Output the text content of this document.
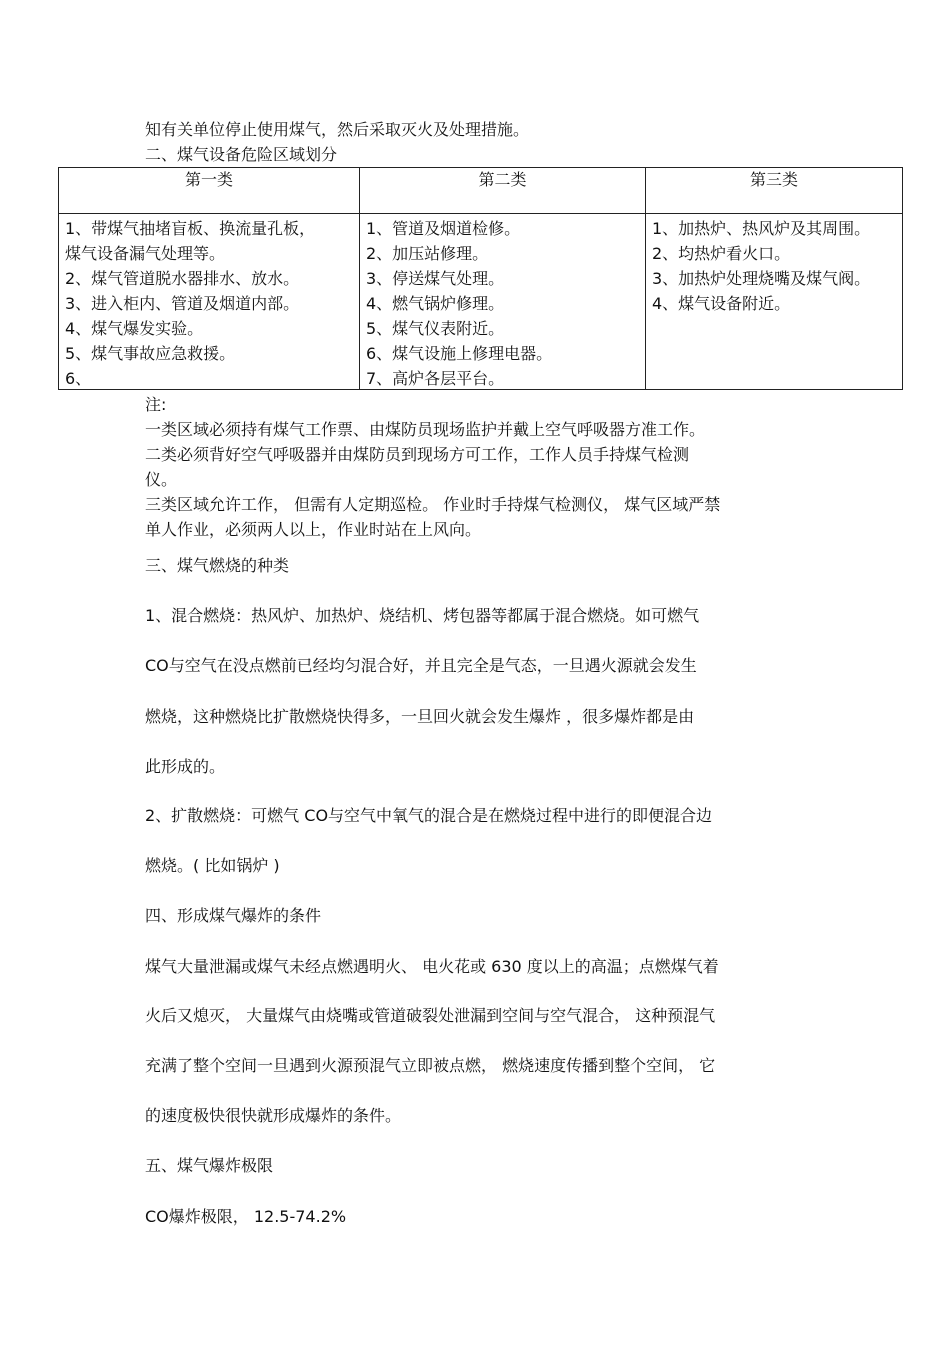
知有关单位停止使用煤气，然后采取灭火及处理措施。
二、煤气设备危险区域划分
第一类
1、带煤气抽堵盲板、换流量孔板，
煤气设备漏气处理等。
2、煤气管道脱水器排水、放水。
3、进入柜内、管道及烟道内部。
4、煤气爆发实验。
5、煤气事故应急救援。
6、
第二类
1、管道及烟道检修。
2、加压站修理。
3、停送煤气处理。
4、燃气锅炉修理。
5、煤气仪表附近。
6、煤气设施上修理电器。
7、高炉各层平台。
第三类
1、加热炉、热风炉及其周围。
2、均热炉看火口。
3、加热炉处理烧嘴及煤气阀。
4、煤气设备附近。
注:
一类区域必须持有煤气工作票、由煤防员现场监护并戴上空气呼吸器方准工作。
二类必须背好空气呼吸器并由煤防员到现场方可工作，工作人员手持煤气检测
仪。
三类区域允许工作， 但需有人定期巡检。 作业时手持煤气检测仪， 煤气区域严禁
单人作业，必须两人以上，作业时站在上风向。
三、煤气燃烧的种类
1、混合燃烧：热风炉、加热炉、烧结机、烤包器等都属于混合燃烧。如可燃气
CO与空气在没点燃前已经均匀混合好，并且完全是气态，一旦遇火源就会发生
燃烧，这种燃烧比扩散燃烧快得多，一旦回火就会发生爆炸 ，很多爆炸都是由
此形成的。
2、扩散燃烧：可燃气 CO与空气中氧气的混合是在燃烧过程中进行的即便混合边
燃烧。( 比如锅炉 )
四、形成煤气爆炸的条件
煤气大量泄漏或煤气未经点燃遇明火、 电火花或 630 度以上的高温；点燃煤气着
火后又熄灭， 大量煤气由烧嘴或管道破裂处泄漏到空间与空气混合， 这种预混气
充满了整个空间一旦遇到火源预混气立即被点燃， 燃烧速度传播到整个空间， 它
的速度极快很快就形成爆炸的条件。
五、煤气爆炸极限
CO爆炸极限， 12.5-74.2%
